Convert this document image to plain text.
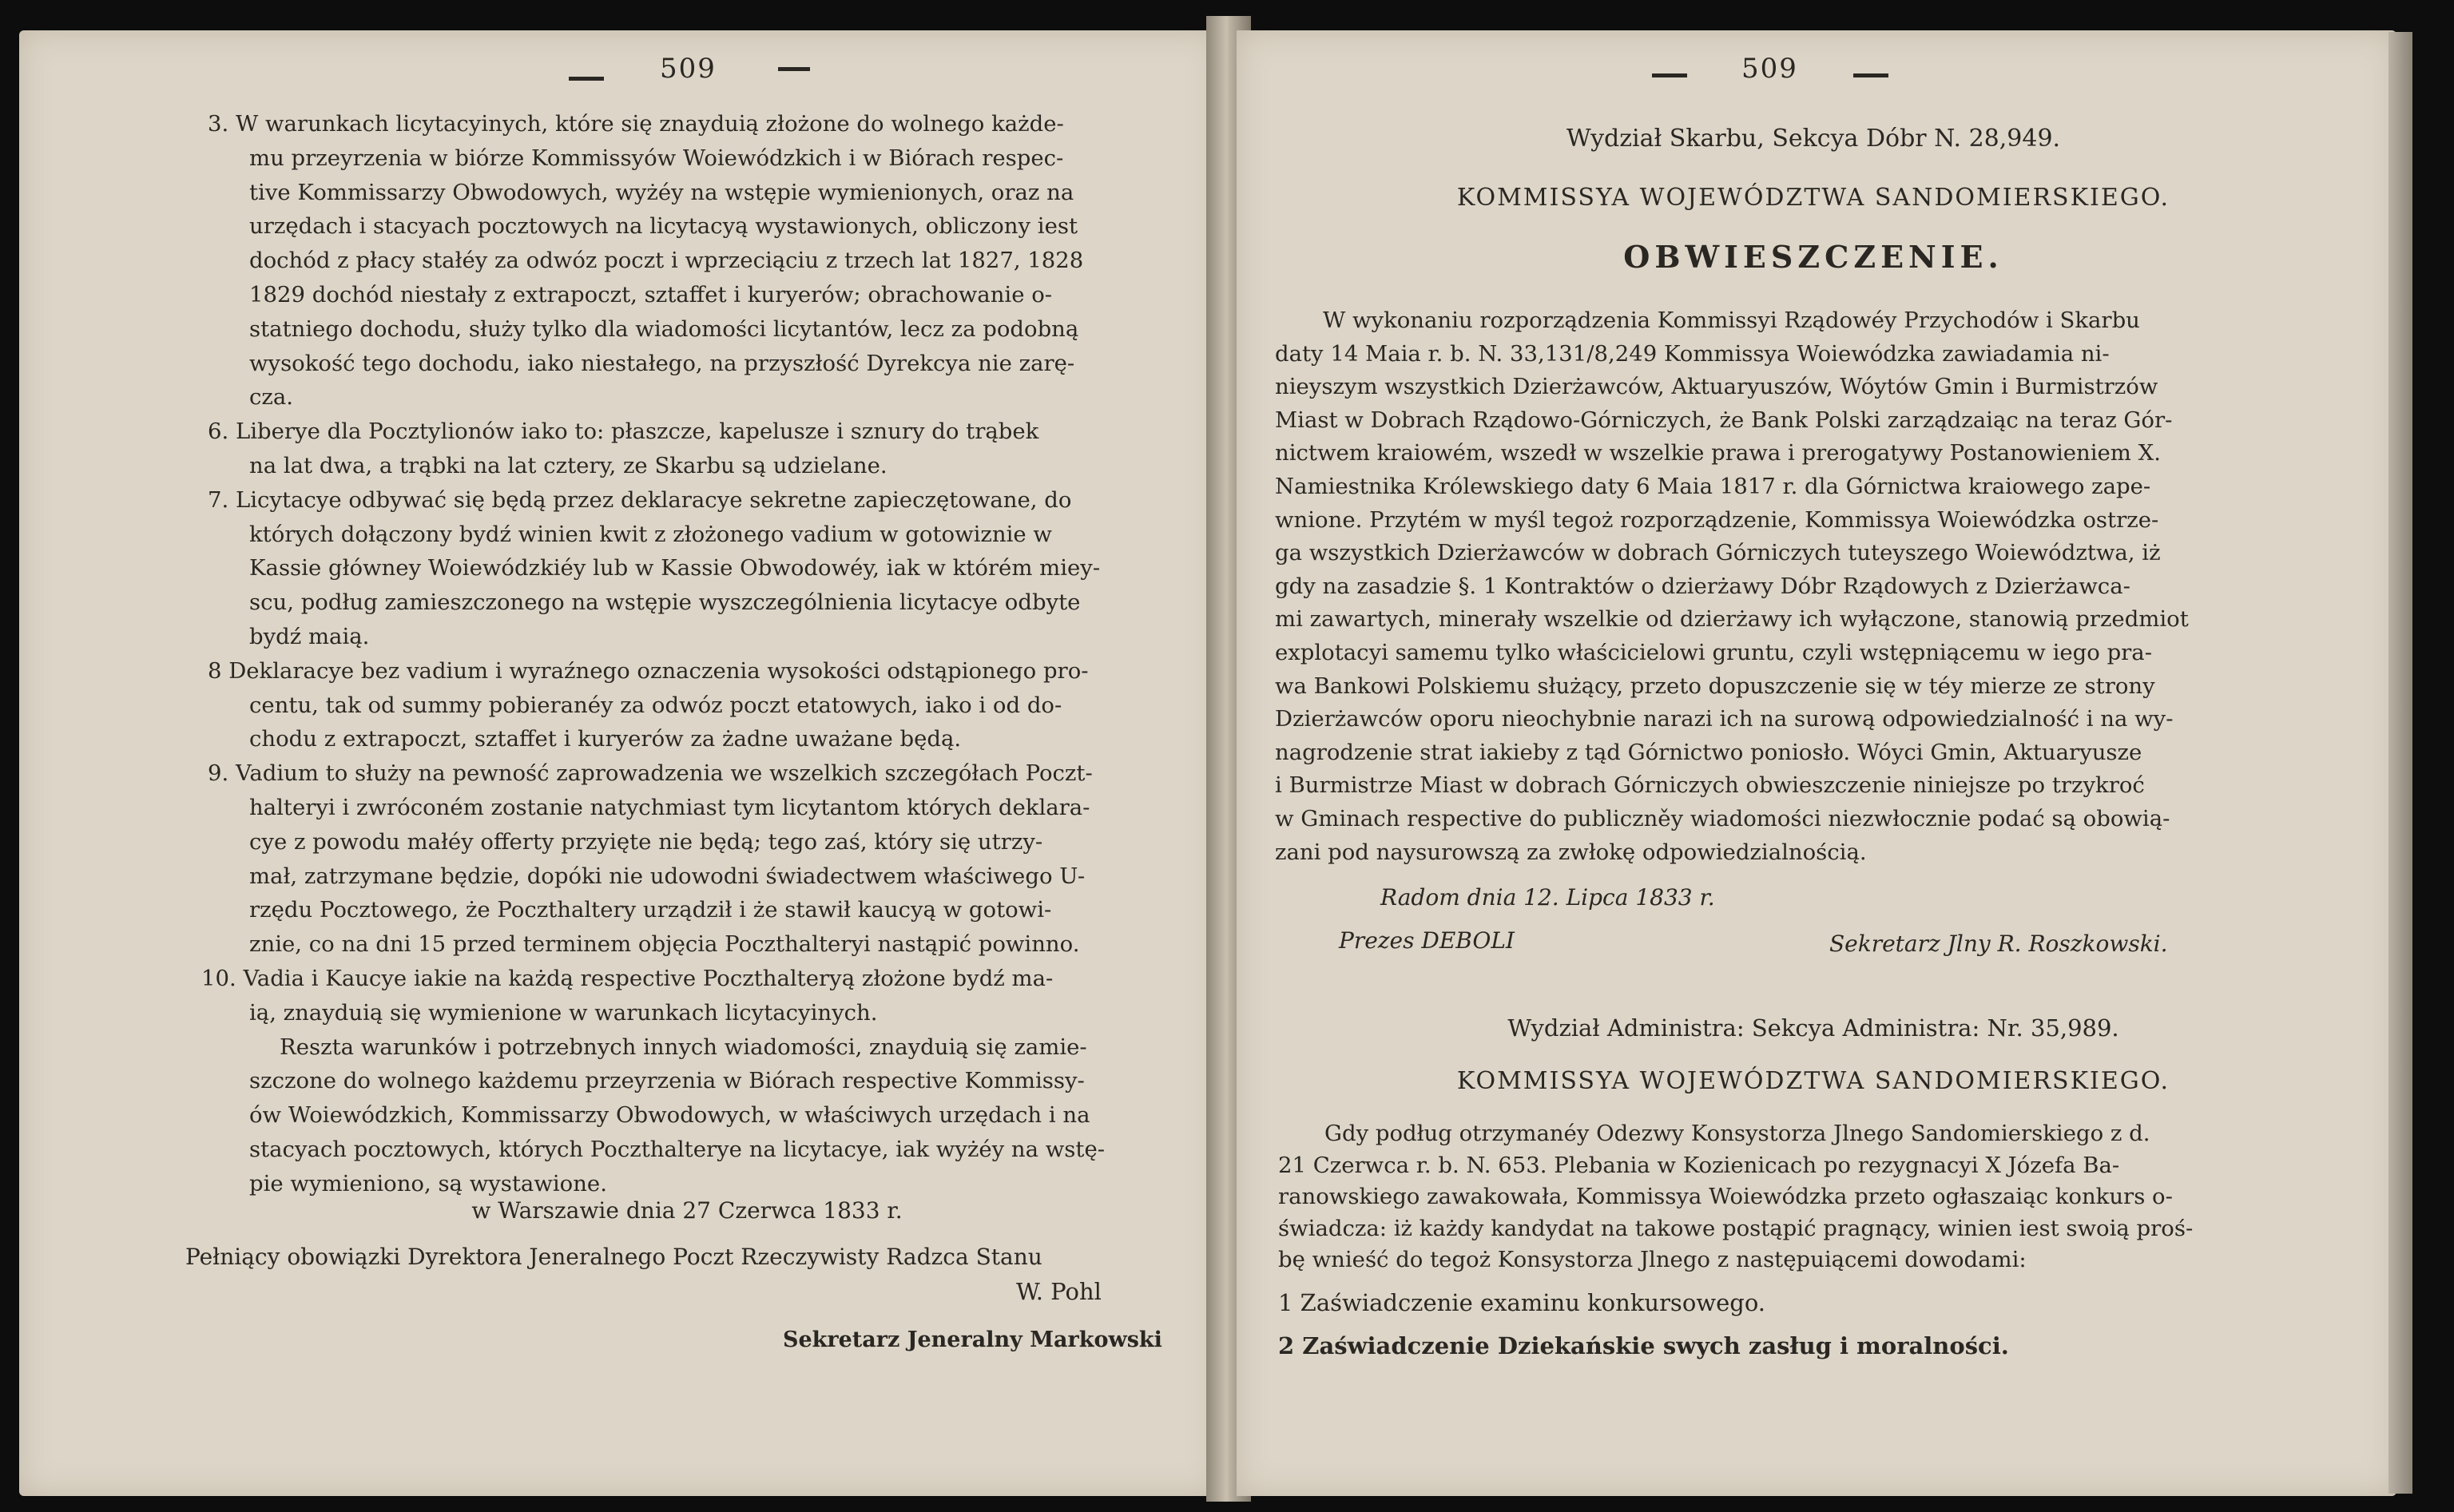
509
3. W warunkach licytacyinych, które się znayduią złożone do wolnego każde-
mu przeyrzenia w biórze Kommissyów Woiewódzkich i w Biórach respec-
tive Kommissarzy Obwodowych, wyżéy na wstępie wymienionych, oraz na
urzędach i stacyach pocztowych na licytacyą wystawionych, obliczony iest
dochód z płacy stałéy za odwóz poczt i wprzeciąciu z trzech lat 1827, 1828
1829 dochód niestały z extrapoczt, sztaffet i kuryerów; obrachowanie o-
statniego dochodu, służy tylko dla wiadomości licytantów, lecz za podobną
wysokość tego dochodu, iako niestałego, na przyszłość Dyrekcya nie zarę-
cza.
6. Liberye dla Pocztylionów iako to: płaszcze, kapelusze i sznury do trąbek
na lat dwa, a trąbki na lat cztery, ze Skarbu są udzielane.
7. Licytacye odbywać się będą przez deklaracye sekretne zapieczętowane, do
których dołączony bydź winien kwit z złożonego vadium w gotowiznie w
Kassie główney Woiewódzkiéy lub w Kassie Obwodowéy, iak w którém miey-
scu, podług zamieszczonego na wstępie wyszczególnienia licytacye odbyte
bydź maią.
8 Deklaracye bez vadium i wyraźnego oznaczenia wysokości odstąpionego pro-
centu, tak od summy pobieranéy za odwóz poczt etatowych, iako i od do-
chodu z extrapoczt, sztaffet i kuryerów za żadne uważane będą.
9. Vadium to służy na pewność zaprowadzenia we wszelkich szczegółach Poczt-
halteryi i zwróconém zostanie natychmiast tym licytantom których deklara-
cye z powodu małéy offerty przyięte nie będą; tego zaś, który się utrzy-
mał, zatrzymane będzie, dopóki nie udowodni świadectwem właściwego U-
rzędu Pocztowego, że Poczthaltery urządził i że stawił kaucyą w gotowi-
znie, co na dni 15 przed terminem objęcia Poczthalteryi nastąpić powinno.
10. Vadia i Kaucye iakie na każdą respective Poczthalteryą złożone bydź ma-
ią, znayduią się wymienione w warunkach licytacyinych.
Reszta warunków i potrzebnych innych wiadomości, znayduią się zamie-
szczone do wolnego każdemu przeyrzenia w Biórach respective Kommissy-
ów Woiewódzkich, Kommissarzy Obwodowych, w właściwych urzędach i na
stacyach pocztowych, których Poczthalterye na licytacye, iak wyżéy na wstę-
pie wymieniono, są wystawione.
w Warszawie dnia 27 Czerwca 1833 r.
Pełniący obowiązki Dyrektora Jeneralnego Poczt Rzeczywisty Radzca Stanu
W. Pohl
Sekretarz Jeneralny Markowski
509
Wydział Skarbu, Sekcya Dóbr N. 28,949.
KOMMISSYA WOJEWÓDZTWA SANDOMIERSKIEGO.
OBWIESZCZENIE.
W wykonaniu rozporządzenia Kommissyi Rządowéy Przychodów i Skarbu
daty 14 Maia r. b. N. 33,131/8,249 Kommissya Woiewódzka zawiadamia ni-
nieyszym wszystkich Dzierżawców, Aktuaryuszów, Wóytów Gmin i Burmistrzów
Miast w Dobrach Rządowo-Górniczych, że Bank Polski zarządzaiąc na teraz Gór-
nictwem kraiowém, wszedł w wszelkie prawa i prerogatywy Postanowieniem X.
Namiestnika Królewskiego daty 6 Maia 1817 r. dla Górnictwa kraiowego zape-
wnione. Przytém w myśl tegoż rozporządzenie, Kommissya Woiewódzka ostrze-
ga wszystkich Dzierżawców w dobrach Górniczych tuteyszego Woiewództwa, iż
gdy na zasadzie §. 1 Kontraktów o dzierżawy Dóbr Rządowych z Dzierżawca-
mi zawartych, minerały wszelkie od dzierżawy ich wyłączone, stanowią przedmiot
explotacyi samemu tylko właścicielowi gruntu, czyli wstępniącemu w iego pra-
wa Bankowi Polskiemu służący, przeto dopuszczenie się w téy mierze ze strony
Dzierżawców oporu nieochybnie narazi ich na surową odpowiedzialność i na wy-
nagrodzenie strat iakieby z tąd Górnictwo poniosło. Wóyci Gmin, Aktuaryusze
i Burmistrze Miast w dobrach Górniczych obwieszczenie niniejsze po trzykroć
w Gminach respective do publiczněy wiadomości niezwłocznie podać są obowią-
zani pod naysurowszą za zwłokę odpowiedzialnością.
Radom dnia 12. Lipca 1833 r.
Prezes DEBOLI	Sekretarz Jlny R. Roszkowski.
Wydział Administra: Sekcya Administra: Nr. 35,989.
KOMMISSYA WOJEWÓDZTWA SANDOMIERSKIEGO.
Gdy podług otrzymanéy Odezwy Konsystorza Jlnego Sandomierskiego z d.
21 Czerwca r. b. N. 653. Plebania w Kozienicach po rezygnacyi X Józefa Ba-
ranowskiego zawakowała, Kommissya Woiewódzka przeto ogłaszaiąc konkurs o-
świadcza: iż każdy kandydat na takowe postąpić pragnący, winien iest swoią proś-
bę wnieść do tegoż Konsystorza Jlnego z następuiącemi dowodami:
1 Zaświadczenie examinu konkursowego.
2 Zaświadczenie Dziekańskie swych zasług i moralności.
